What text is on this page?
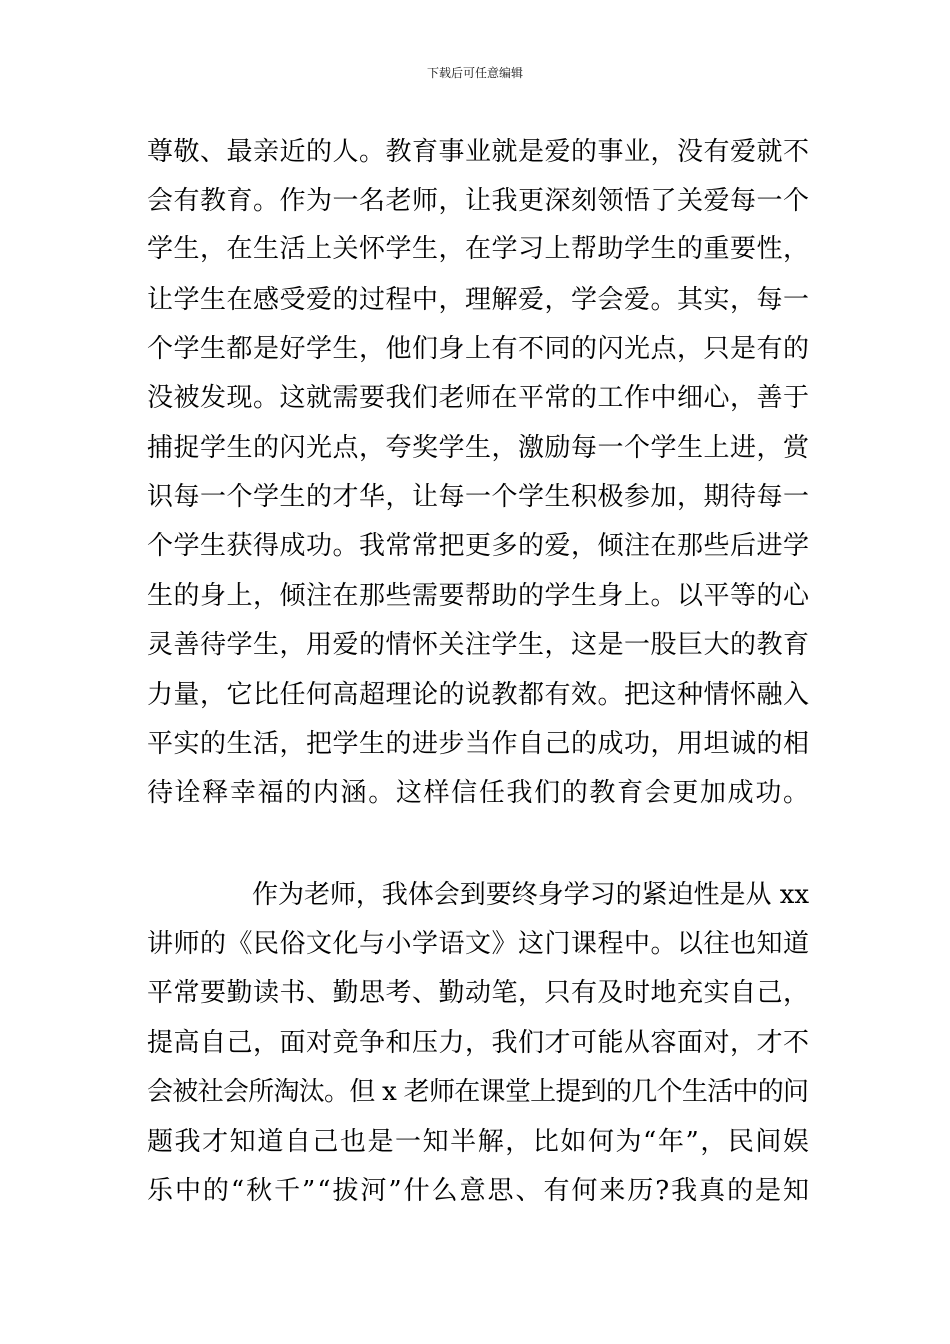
下载后可任意编辑
尊敬、最亲近的人。教育事业就是爱的事业，没有爱就不
会有教育。作为一名老师，让我更深刻领悟了关爱每一个
学生，在生活上关怀学生，在学习上帮助学生的重要性，
让学生在感受爱的过程中，理解爱，学会爱。其实，每一
个学生都是好学生，他们身上有不同的闪光点，只是有的
没被发现。这就需要我们老师在平常的工作中细心，善于
捕捉学生的闪光点，夸奖学生，激励每一个学生上进，赏
识每一个学生的才华，让每一个学生积极参加，期待每一
个学生获得成功。我常常把更多的爱，倾注在那些后进学
生的身上，倾注在那些需要帮助的学生身上。以平等的心
灵善待学生，用爱的情怀关注学生，这是一股巨大的教育
力量，它比任何高超理论的说教都有效。把这种情怀融入
平实的生活，把学生的进步当作自己的成功，用坦诚的相
待诠释幸福的内涵。这样信任我们的教育会更加成功。
作为老师，我体会到要终身学习的紧迫性是从 xx
讲师的《民俗文化与小学语文》这门课程中。以往也知道
平常要勤读书、勤思考、勤动笔，只有及时地充实自己，
提高自己，面对竞争和压力，我们才可能从容面对，才不
会被社会所淘汰。但 x 老师在课堂上提到的几个生活中的问
题我才知道自己也是一知半解，比如何为“年”，民间娱
乐中的“秋千”“拔河”什么意思、有何来历?我真的是知
